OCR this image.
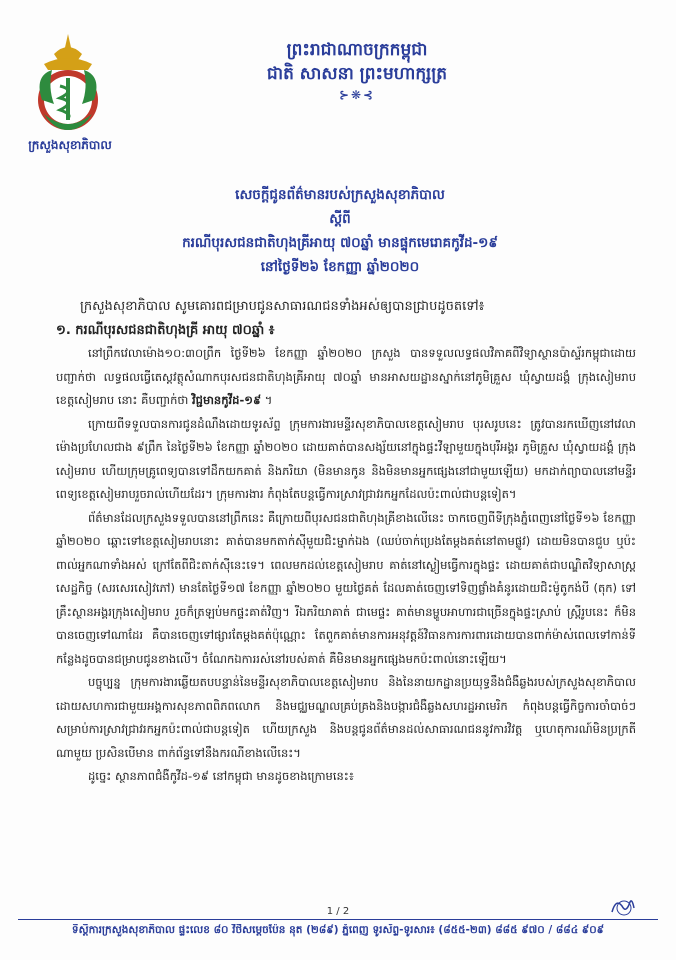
ក្រសួងសុខាភិបាល
ព្រះរាជាណាចក្រកម្ពុជា
ជាតិ សាសនា ព្រះមហាក្សត្រ
⊱❋⊰
សេចក្តីជូនព័ត៌មានរបស់ក្រសួងសុខាភិបាល
ស្តីពី
ករណីបុរសជនជាតិហុងគ្រីអាយុ ៧០ឆ្នាំ មានផ្ទុកមេរោគកូវីដ-១៩
នៅថ្ងៃទី២៦ ខែកញ្ញា ឆ្នាំ២០២០

ក្រសួងសុខាភិបាល សូមគោរពជម្រាបជូនសាធារណជនទាំងអស់ឲ្យបានជ្រាបដូចតទៅ៖

១. ករណីបុរសជនជាតិហុងគ្រី អាយុ ៧០ឆ្នាំ ៖

នៅព្រឹកវេលាម៉ោង១០:៣០ព្រឹក ថ្ងៃទី២៦ ខែកញ្ញា ឆ្នាំ២០២០ ក្រសួង បានទទួលលទ្ធផលវិភាគពីវិទ្យាស្ថានប៉ាស្ទ័រកម្ពុជាដោយបញ្ជាក់ថា លទ្ធផលធ្វើតេស្តវត្ថុសំណាកបុរសជនជាតិហុងគ្រីអាយុ ៧០ឆ្នាំ មានអាសយដ្ឋានស្នាក់នៅភូមិគ្រួស ឃុំស្វាយដង្គំ ក្រុងសៀមរាប ខេត្តសៀមរាប នោះ គឺបញ្ជាក់ថា វិជ្ជមានកូវីដ-១៩ ។

ក្រោយពីទទួលបានការជូនដំណឹងដោយទូរស័ព្ទ ក្រុមការងារមន្ទីរសុខាភិបាលខេត្តសៀមរាប បុរសរូបនេះ ត្រូវបានរកឃើញនៅវេលាម៉ោងប្រហែលជាង ៩ព្រឹក នៃថ្ងៃទី២៦ ខែកញ្ញា ឆ្នាំ២០២០ ដោយគាត់បានសង្ស័យនៅក្នុងផ្ទះវីឡាមួយក្នុងបុរីអង្គរ ភូមិគ្រួស ឃុំស្វាយដង្គំ ក្រុងសៀមរាប ហើយក្រុមគ្រូពេទ្យបានទៅដឹកយកគាត់ និងភរិយា (មិនមានកូន និងមិនមានអ្នកផ្សេងនៅជាមួយឡើយ) មកដាក់ព្យាបាលនៅមន្ទីរពេទ្យខេត្តសៀមរាបរួចរាល់ហើយដែរ។ ក្រុមការងារ កំពុងតែបន្តធ្វើការស្រាវជ្រាវរកអ្នកដែលប៉ះពាល់ជាបន្តទៀត។

ព័ត៌មានដែលក្រសួងទទួលបាននៅព្រឹកនេះ គឺក្រោយពីបុរសជនជាតិហុងគ្រីខាងលើនេះ ចាកចេញពីទីក្រុងភ្នំពេញនៅថ្ងៃទី១៦ ខែកញ្ញា ឆ្នាំ២០២០ ឆ្ពោះទៅខេត្តសៀមរាបនោះ គាត់បានមកតាក់ស៊ីមួយជិះម្នាក់ឯង (ឈប់ចាក់ប្រេងតែម្តងគត់នៅតាមផ្លូវ) ដោយមិនបានជួប ឬប៉ះពាល់អ្នកណាទាំងអស់ ក្រៅតែពីជិះតាក់ស៊ីនេះទេ។ ពេលមកដល់ខេត្តសៀមរាប គាត់នៅស្ងៀមធ្វើការក្នុងផ្ទះ ដោយគាត់ជាបណ្ឌិតវិទ្យាសាស្ត្រសេដ្ឋកិច្ច (សរសេរសៀវភៅ) មានតែថ្ងៃទី១៧ ខែកញ្ញា ឆ្នាំ២០២០ មួយថ្ងៃគត់ ដែលគាត់ចេញទៅទិញផ្លាំងគំនូរដោយជិះម៉ូតូកង់បី (តុក) ទៅគ្រឹះស្ថានអង្គរក្រុងសៀមរាប រួចក៏ត្រឡប់មកផ្ទះគាត់វិញ។ រីឯភរិយាគាត់ ជាមេផ្ទះ គាត់មានម្ហូបអាហារជាច្រើនក្នុងផ្ទះស្រាប់ ស្រ្តីរូបនេះ ក៏មិនបានចេញទៅណាដែរ គឺបានចេញទៅផ្សារតែម្តងគត់ប៉ុណ្ណោះ តែពួកគាត់មានការអនុវត្តន៍វិធានការការពារដោយបានពាក់ម៉ាស់ពេលទៅកាន់ទីកន្លែងដូចបានជម្រាបជូនខាងលើ។ ចំណែកឯការរស់នៅរបស់គាត់ គឺមិនមានអ្នកផ្សេងមកប៉ះពាល់នោះឡើយ។

បច្ចុប្បន្ន ក្រុមការងារឆ្លើយតបបន្ទាន់នៃមន្ទីរសុខាភិបាលខេត្តសៀមរាប និងនៃនាយកដ្ឋានប្រយុទ្ធនឹងជំងឺឆ្លងរបស់ក្រសួងសុខាភិបាលដោយសហការជាមួយអង្គការសុខភាពពិភពលោក និងមជ្ឈមណ្ឌលគ្រប់គ្រងនិងបង្ការជំងឺឆ្លងសហរដ្ឋអាមេរិក កំពុងបន្តធ្វើកិច្ចការចាំបាច់ៗ សម្រាប់ការស្រាវជ្រាវរកអ្នកប៉ះពាល់ជាបន្តទៀត ហើយក្រសួង និងបន្តជូនព័ត៌មានដល់សាធារណជននូវការវិវត្ត ឬហេតុការណ៍មិនប្រក្រតីណាមួយ ប្រសិនបើមាន ពាក់ព័ន្ធទៅនឹងករណីខាងលើនេះ។

ដូច្នេះ ស្ថានភាពជំងឺកូវីដ-១៩ នៅកម្ពុជា មានដូចខាងក្រោមនេះ៖

1 / 2
ទីស្តីការក្រសួងសុខាភិបាល ផ្ទះលេខ ៨០ វិថីសម្តេចប៉ែន នុត (២៨៩) ភ្នំពេញ ទូរស័ព្ទ-ទូរសារ៖ (៨៥៥-២៣) ៨៨៥ ៩៧០ / ៨៨៤ ៩០៩
